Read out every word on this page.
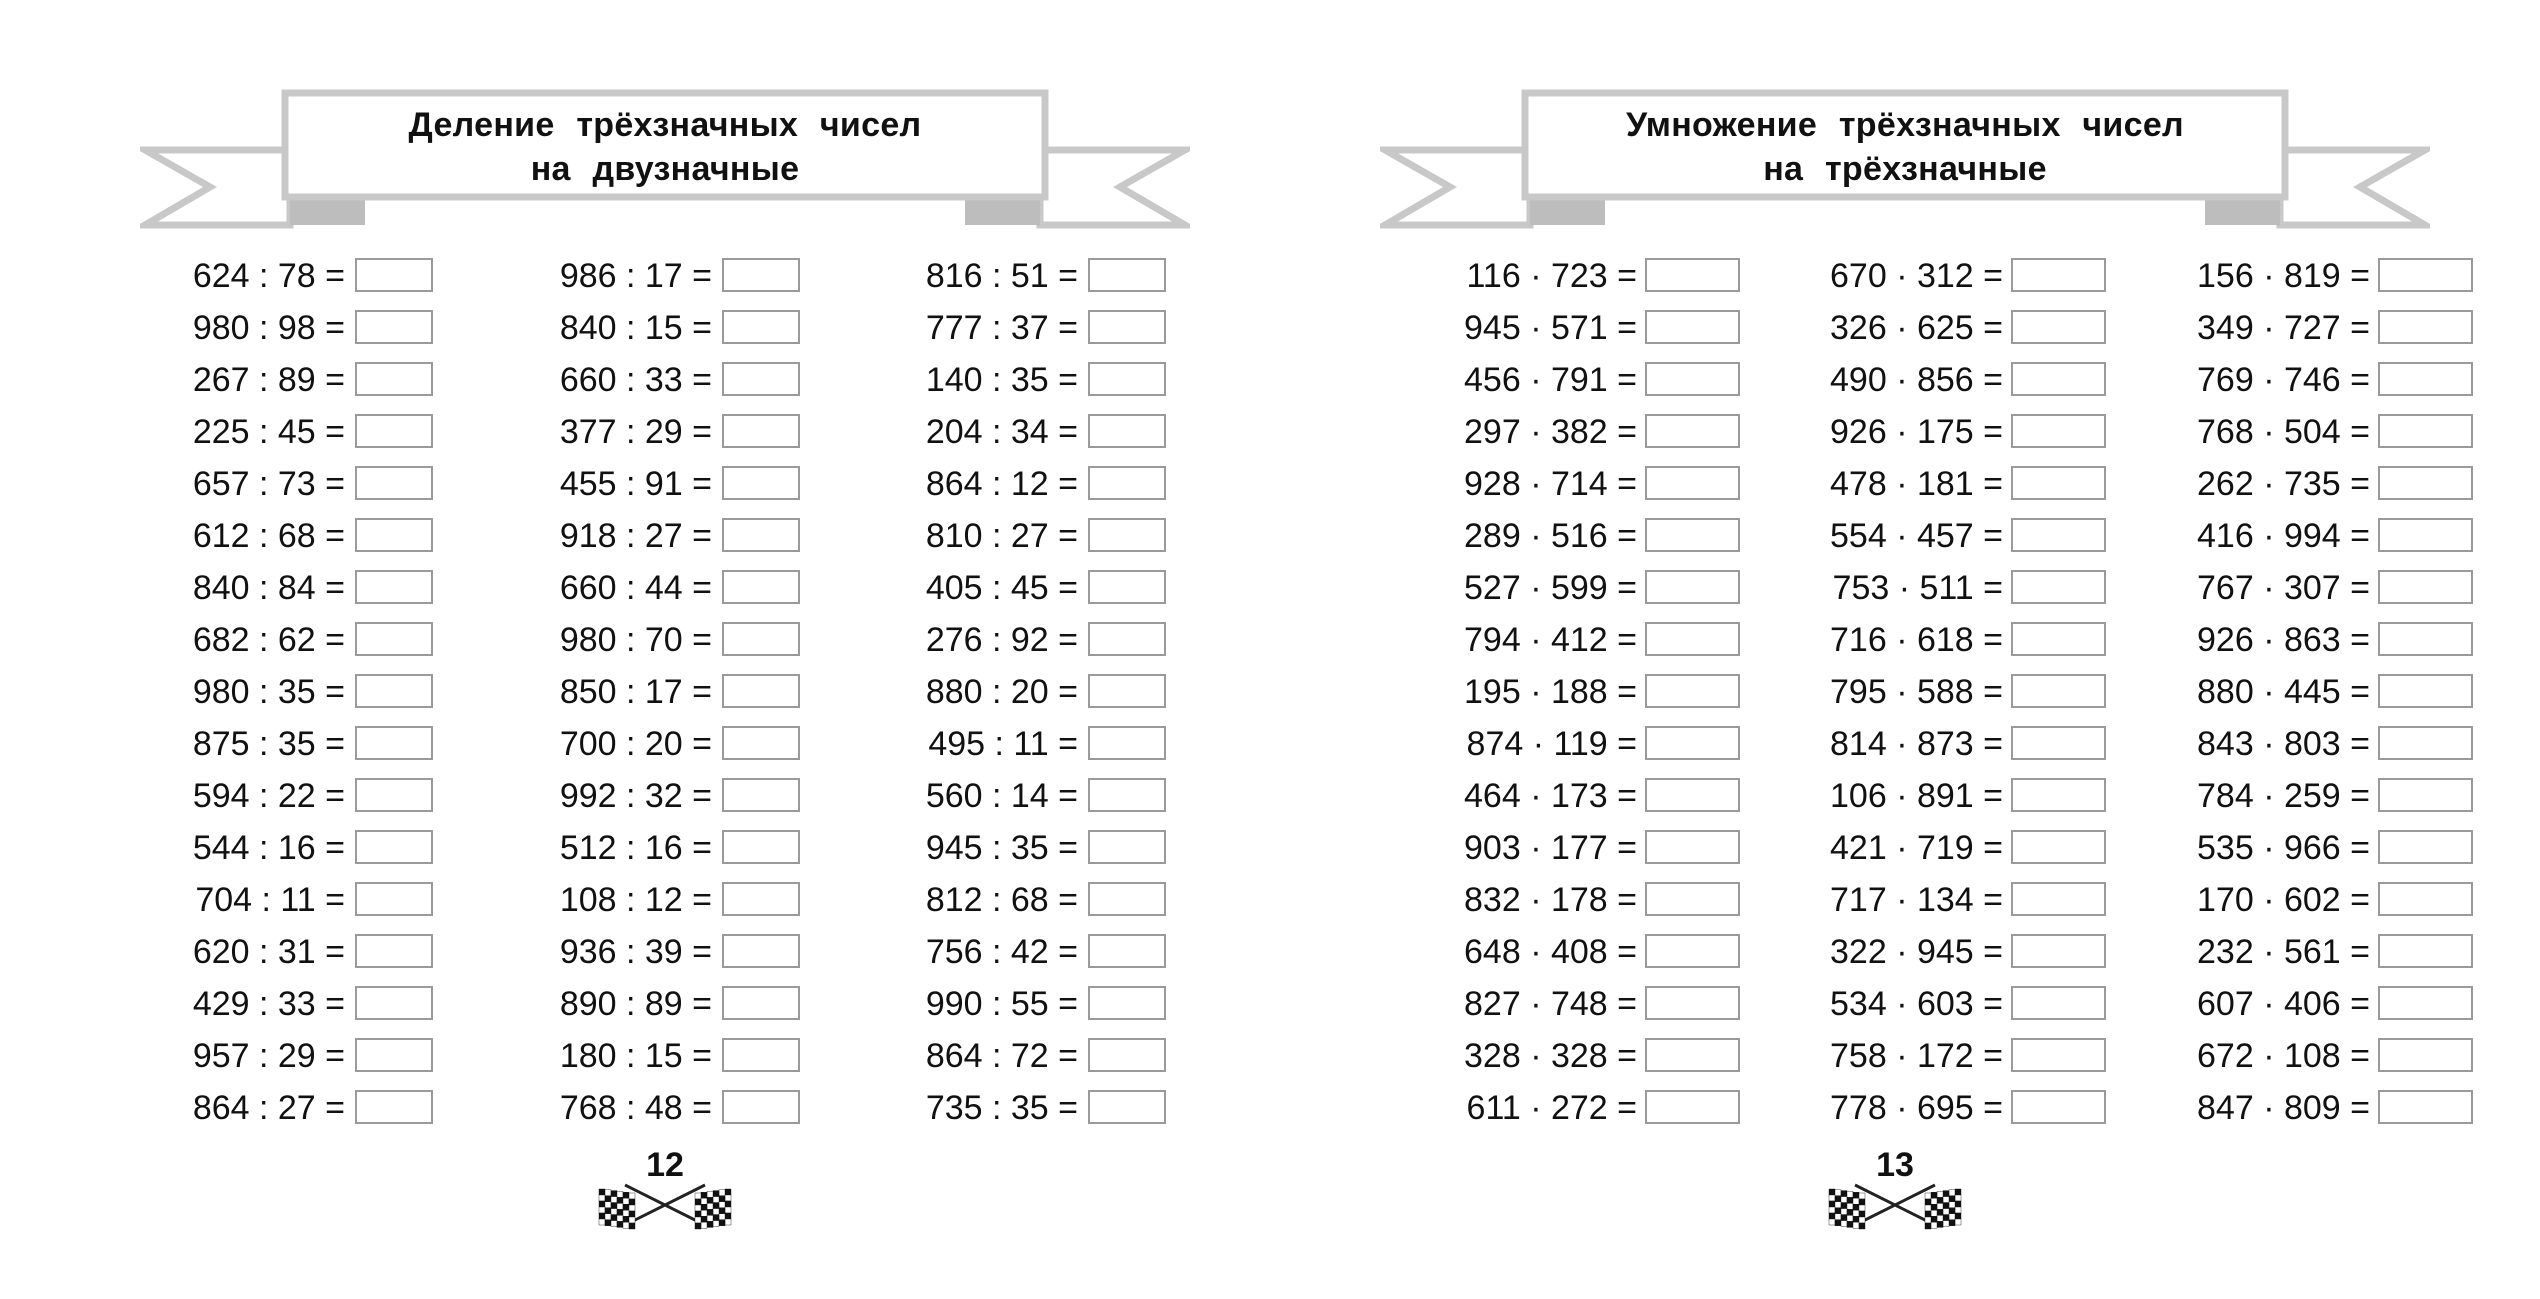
Деление трёхзначных чисел
на двузначные
624 : 78 =
980 : 98 =
267 : 89 =
225 : 45 =
657 : 73 =
612 : 68 =
840 : 84 =
682 : 62 =
980 : 35 =
875 : 35 =
594 : 22 =
544 : 16 =
704 : 11 =
620 : 31 =
429 : 33 =
957 : 29 =
864 : 27 =
986 : 17 =
840 : 15 =
660 : 33 =
377 : 29 =
455 : 91 =
918 : 27 =
660 : 44 =
980 : 70 =
850 : 17 =
700 : 20 =
992 : 32 =
512 : 16 =
108 : 12 =
936 : 39 =
890 : 89 =
180 : 15 =
768 : 48 =
816 : 51 =
777 : 37 =
140 : 35 =
204 : 34 =
864 : 12 =
810 : 27 =
405 : 45 =
276 : 92 =
880 : 20 =
495 : 11 =
560 : 14 =
945 : 35 =
812 : 68 =
756 : 42 =
990 : 55 =
864 : 72 =
735 : 35 =
12
Умножение трёхзначных чисел
на трёхзначные
116 · 723 =
945 · 571 =
456 · 791 =
297 · 382 =
928 · 714 =
289 · 516 =
527 · 599 =
794 · 412 =
195 · 188 =
874 · 119 =
464 · 173 =
903 · 177 =
832 · 178 =
648 · 408 =
827 · 748 =
328 · 328 =
611 · 272 =
670 · 312 =
326 · 625 =
490 · 856 =
926 · 175 =
478 · 181 =
554 · 457 =
753 · 511 =
716 · 618 =
795 · 588 =
814 · 873 =
106 · 891 =
421 · 719 =
717 · 134 =
322 · 945 =
534 · 603 =
758 · 172 =
778 · 695 =
156 · 819 =
349 · 727 =
769 · 746 =
768 · 504 =
262 · 735 =
416 · 994 =
767 · 307 =
926 · 863 =
880 · 445 =
843 · 803 =
784 · 259 =
535 · 966 =
170 · 602 =
232 · 561 =
607 · 406 =
672 · 108 =
847 · 809 =
13
